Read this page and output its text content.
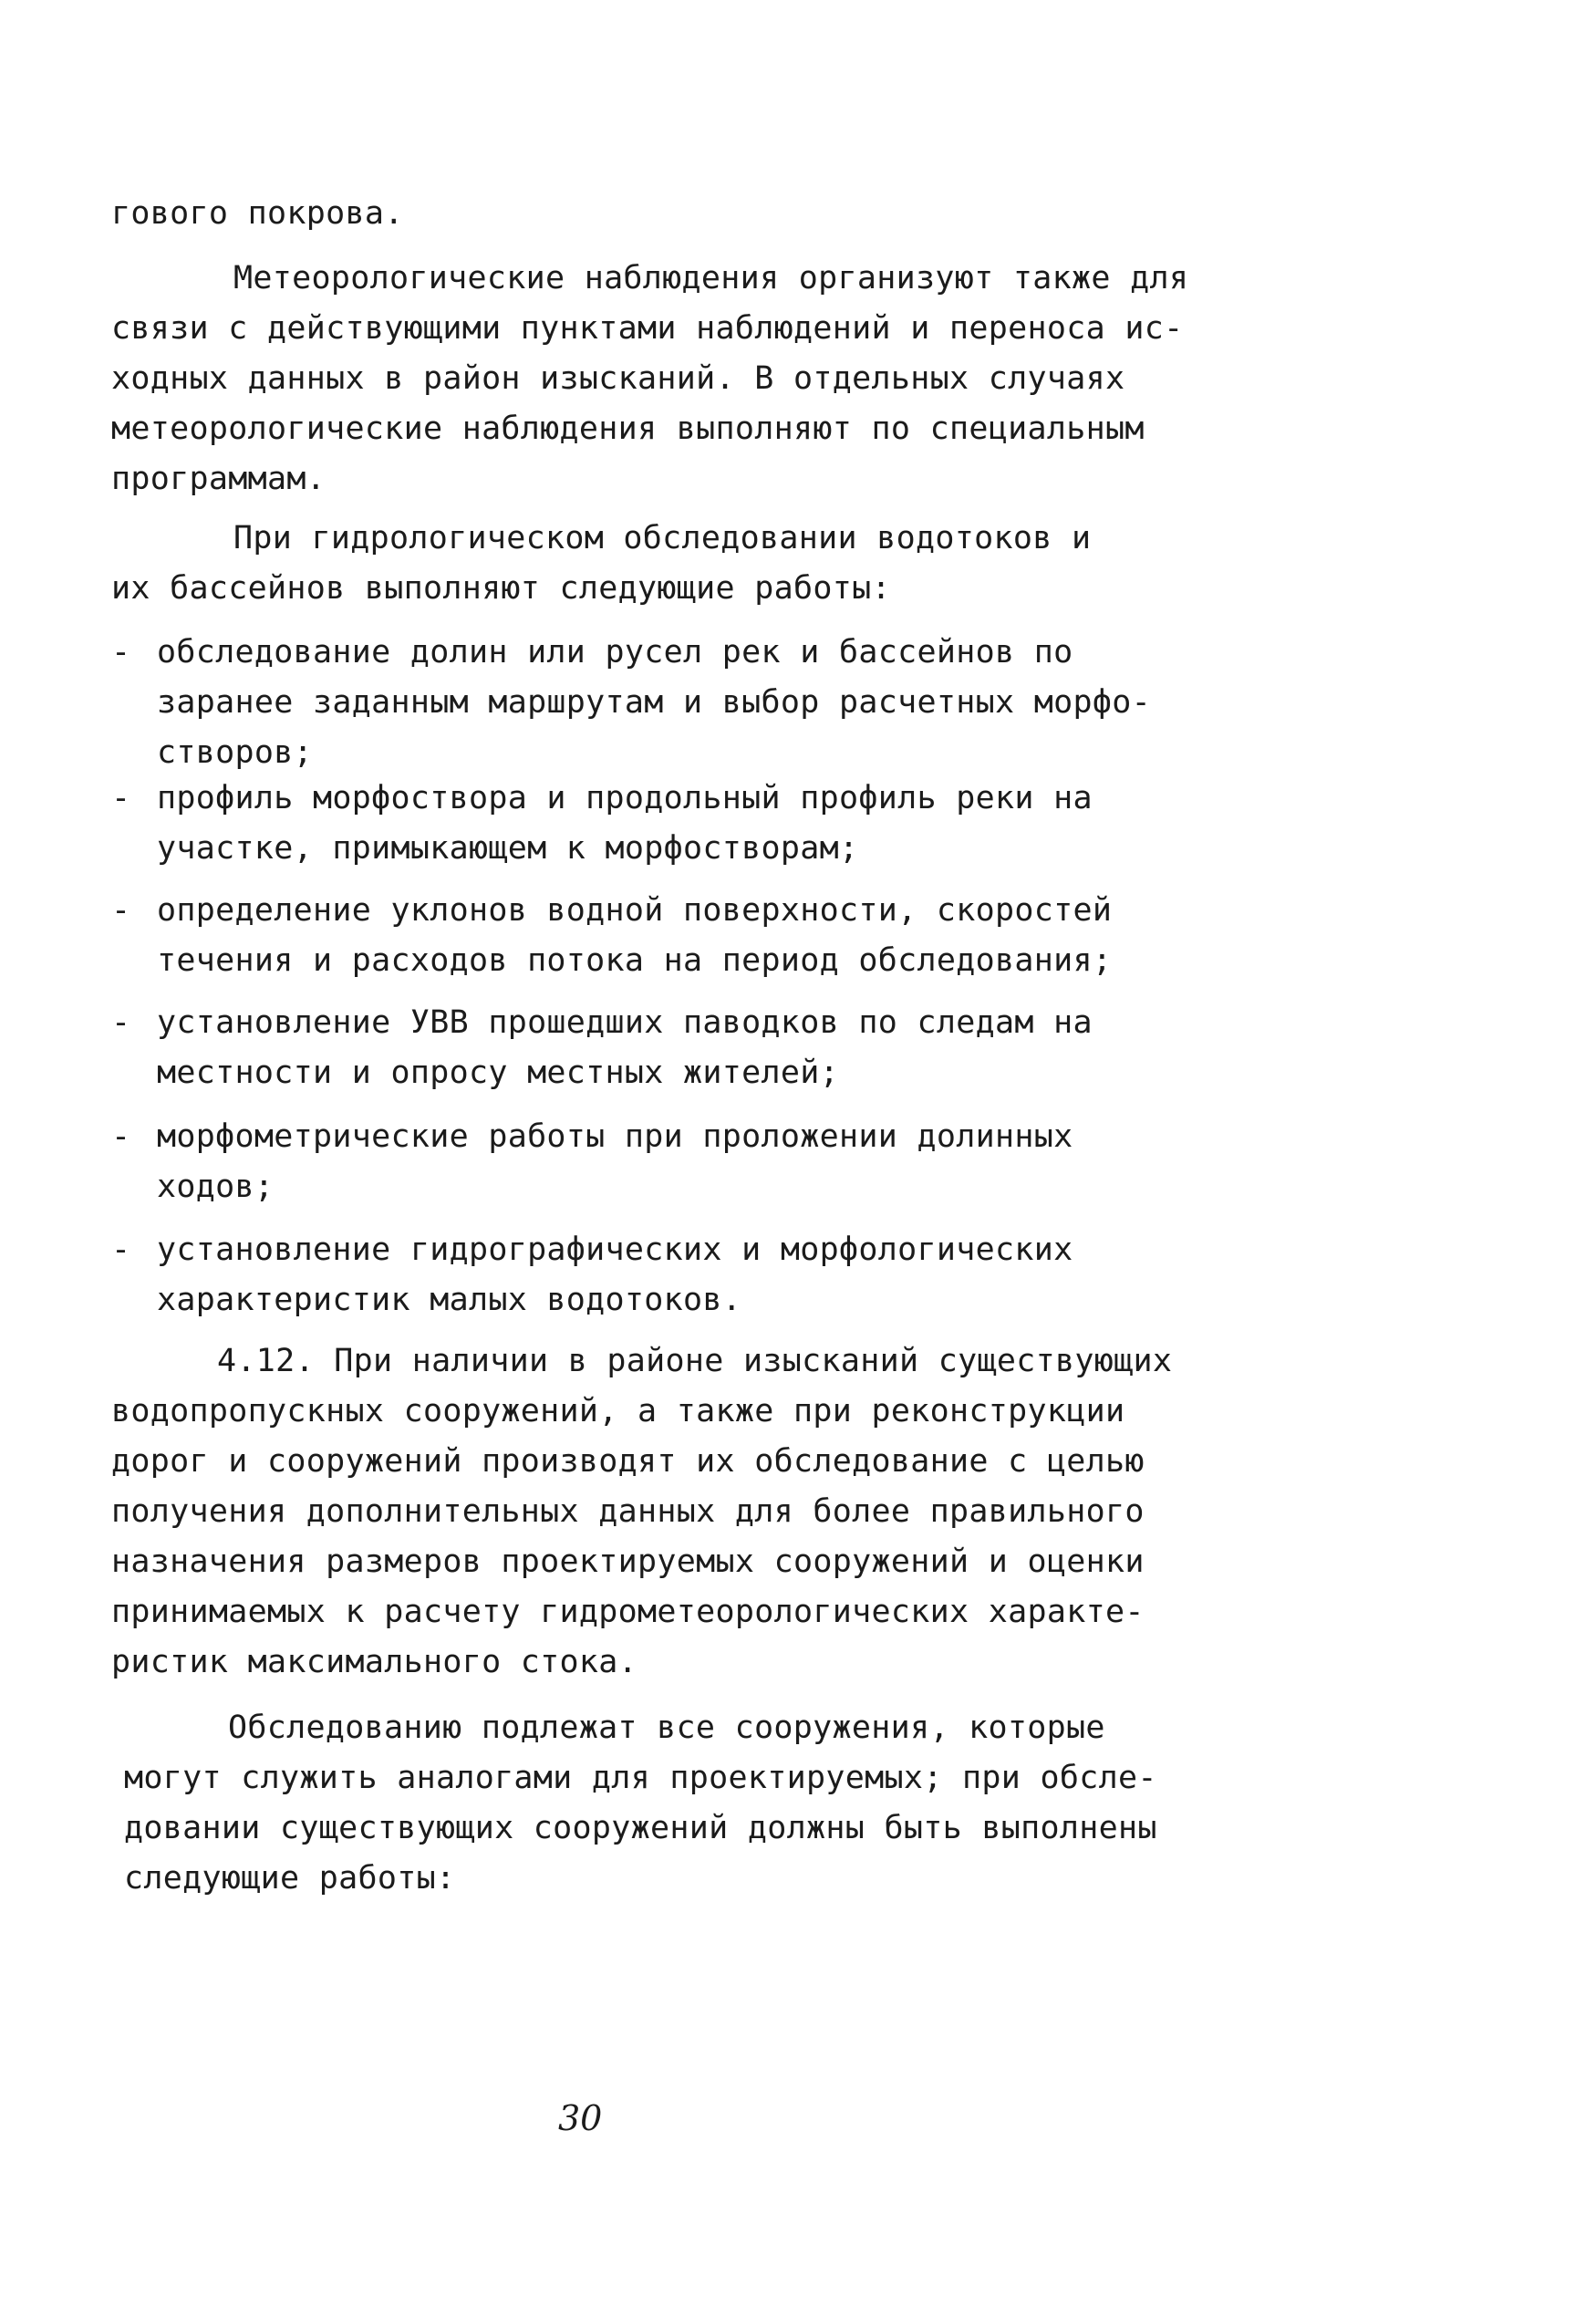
гового покрова.
Метеорологические наблюдения организуют также для
связи с действующими пунктами наблюдений и переноса ис-
ходных данных в район изысканий. В отдельных случаях
метеорологические наблюдения выполняют по специальным
программам.
При гидрологическом обследовании водотоков и
их бассейнов выполняют следующие работы:
- обследование долин или русел рек и бассейнов по
заранее заданным маршрутам и выбор расчетных морфо-
створов;
- профиль морфоствора и продольный профиль реки на
участке, примыкающем к морфостворам;
- определение уклонов водной поверхности, скоростей
течения и расходов потока на период обследования;
- установление УВВ прошедших паводков по следам на
местности и опросу местных жителей;
- морфометрические работы при проложении долинных
ходов;
- установление гидрографических и морфологических
характеристик малых водотоков.
4.12. При наличии в районе изысканий существующих
водопропускных сооружений, а также при реконструкции
дорог и сооружений производят их обследование с целью
получения дополнительных данных для более правильного
назначения размеров проектируемых сооружений и оценки
принимаемых к расчету гидрометеорологических характе-
ристик максимального стока.
Обследованию подлежат все сооружения, которые
могут служить аналогами для проектируемых; при обсле-
довании существующих сооружений должны быть выполнены
следующие работы:
30
